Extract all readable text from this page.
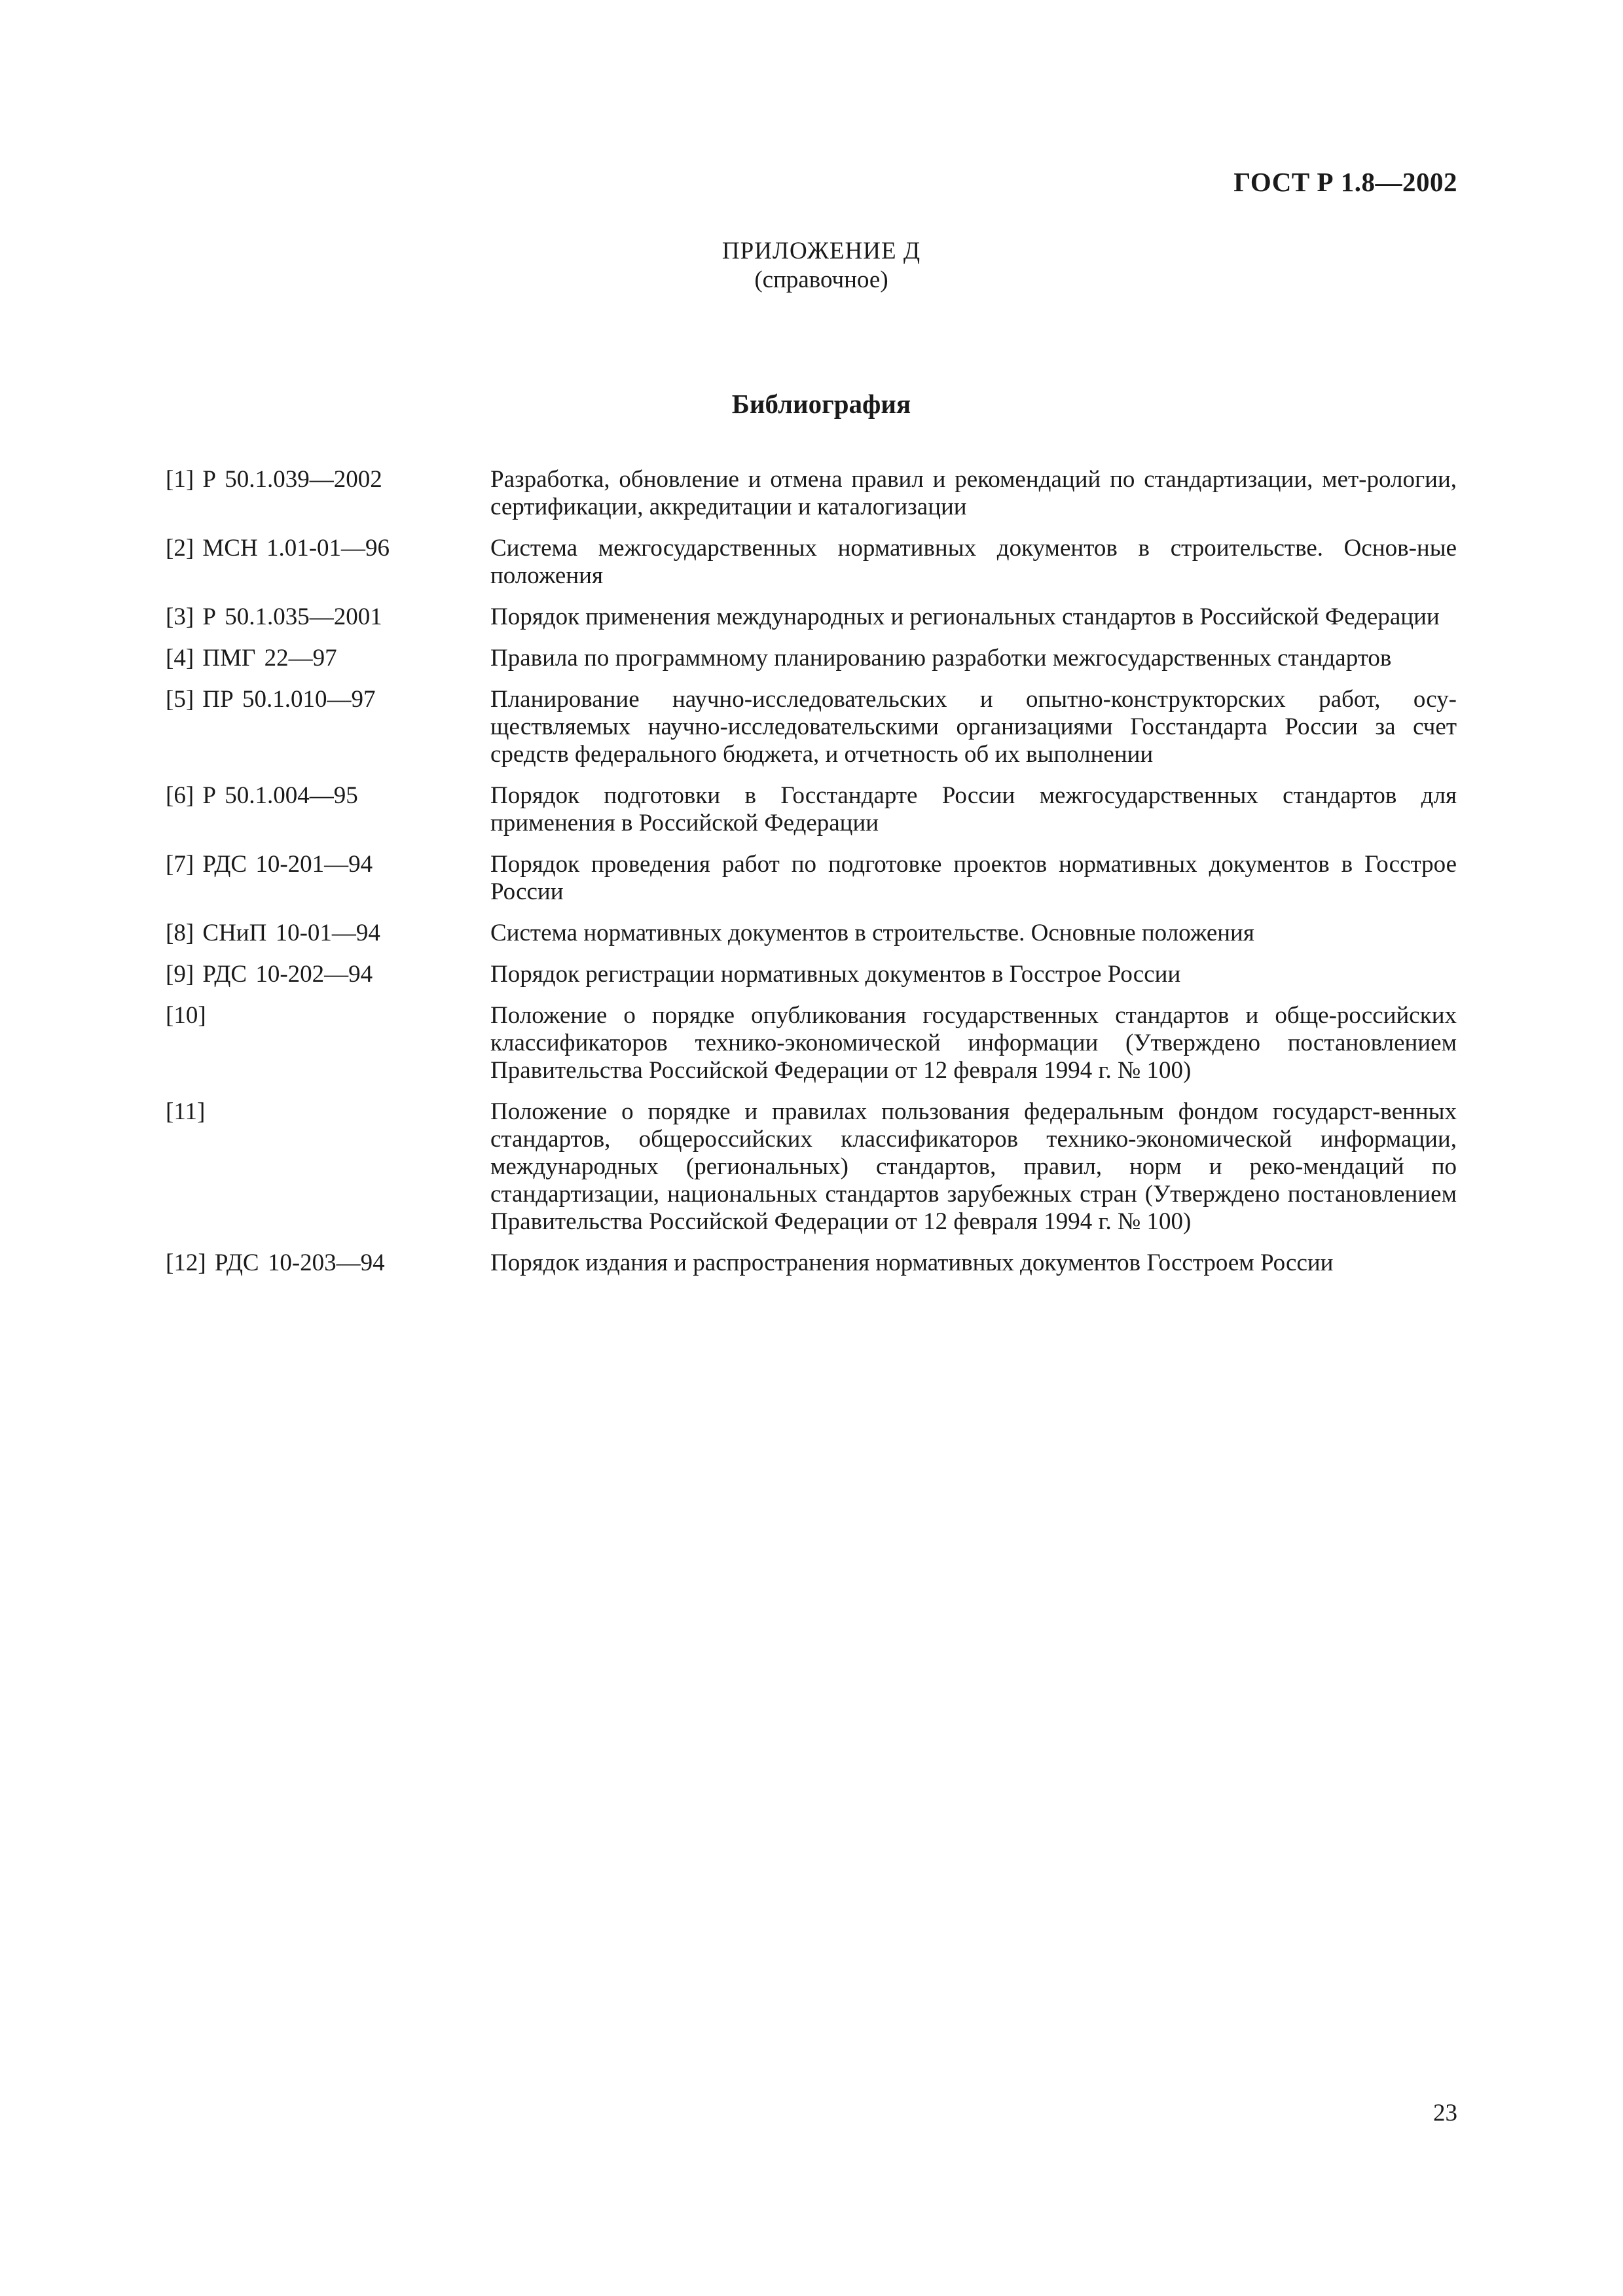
ГОСТ Р 1.8—2002
ПРИЛОЖЕНИЕ Д
(справочное)
Библиография
[1] Р 50.1.039—2002	Разработка, обновление и отмена правил и рекомендаций по стандартизации, мет-рологии, сертификации, аккредитации и каталогизации
[2] МСН 1.01-01—96	Система межгосударственных нормативных документов в строительстве. Основ-ные положения
[3] Р 50.1.035—2001	Порядок применения международных и региональных стандартов в Российской Федерации
[4] ПМГ 22—97	Правила по программному планированию разработки межгосударственных стандартов
[5] ПР 50.1.010—97	Планирование научно-исследовательских и опытно-конструкторских работ, осу-ществляемых научно-исследовательскими организациями Госстандарта России за счет средств федерального бюджета, и отчетность об их выполнении
[6] Р 50.1.004—95	Порядок подготовки в Госстандарте России межгосударственных стандартов для применения в Российской Федерации
[7] РДС 10-201—94	Порядок проведения работ по подготовке проектов нормативных документов в Госстрое России
[8] СНиП 10-01—94	Система нормативных документов в строительстве. Основные положения
[9] РДС 10-202—94	Порядок регистрации нормативных документов в Госстрое России
[10]	Положение о порядке опубликования государственных стандартов и обще-российских классификаторов технико-экономической информации (Утверждено постановлением Правительства Российской Федерации от 12 февраля 1994 г. № 100)
[11]	Положение о порядке и правилах пользования федеральным фондом государст-венных стандартов, общероссийских классификаторов технико-экономической информации, международных (региональных) стандартов, правил, норм и реко-мендаций по стандартизации, национальных стандартов зарубежных стран (Утверждено постановлением Правительства Российской Федерации от 12 февраля 1994 г. № 100)
[12] РДС 10-203—94	Порядок издания и распространения нормативных документов Госстроем России
23
